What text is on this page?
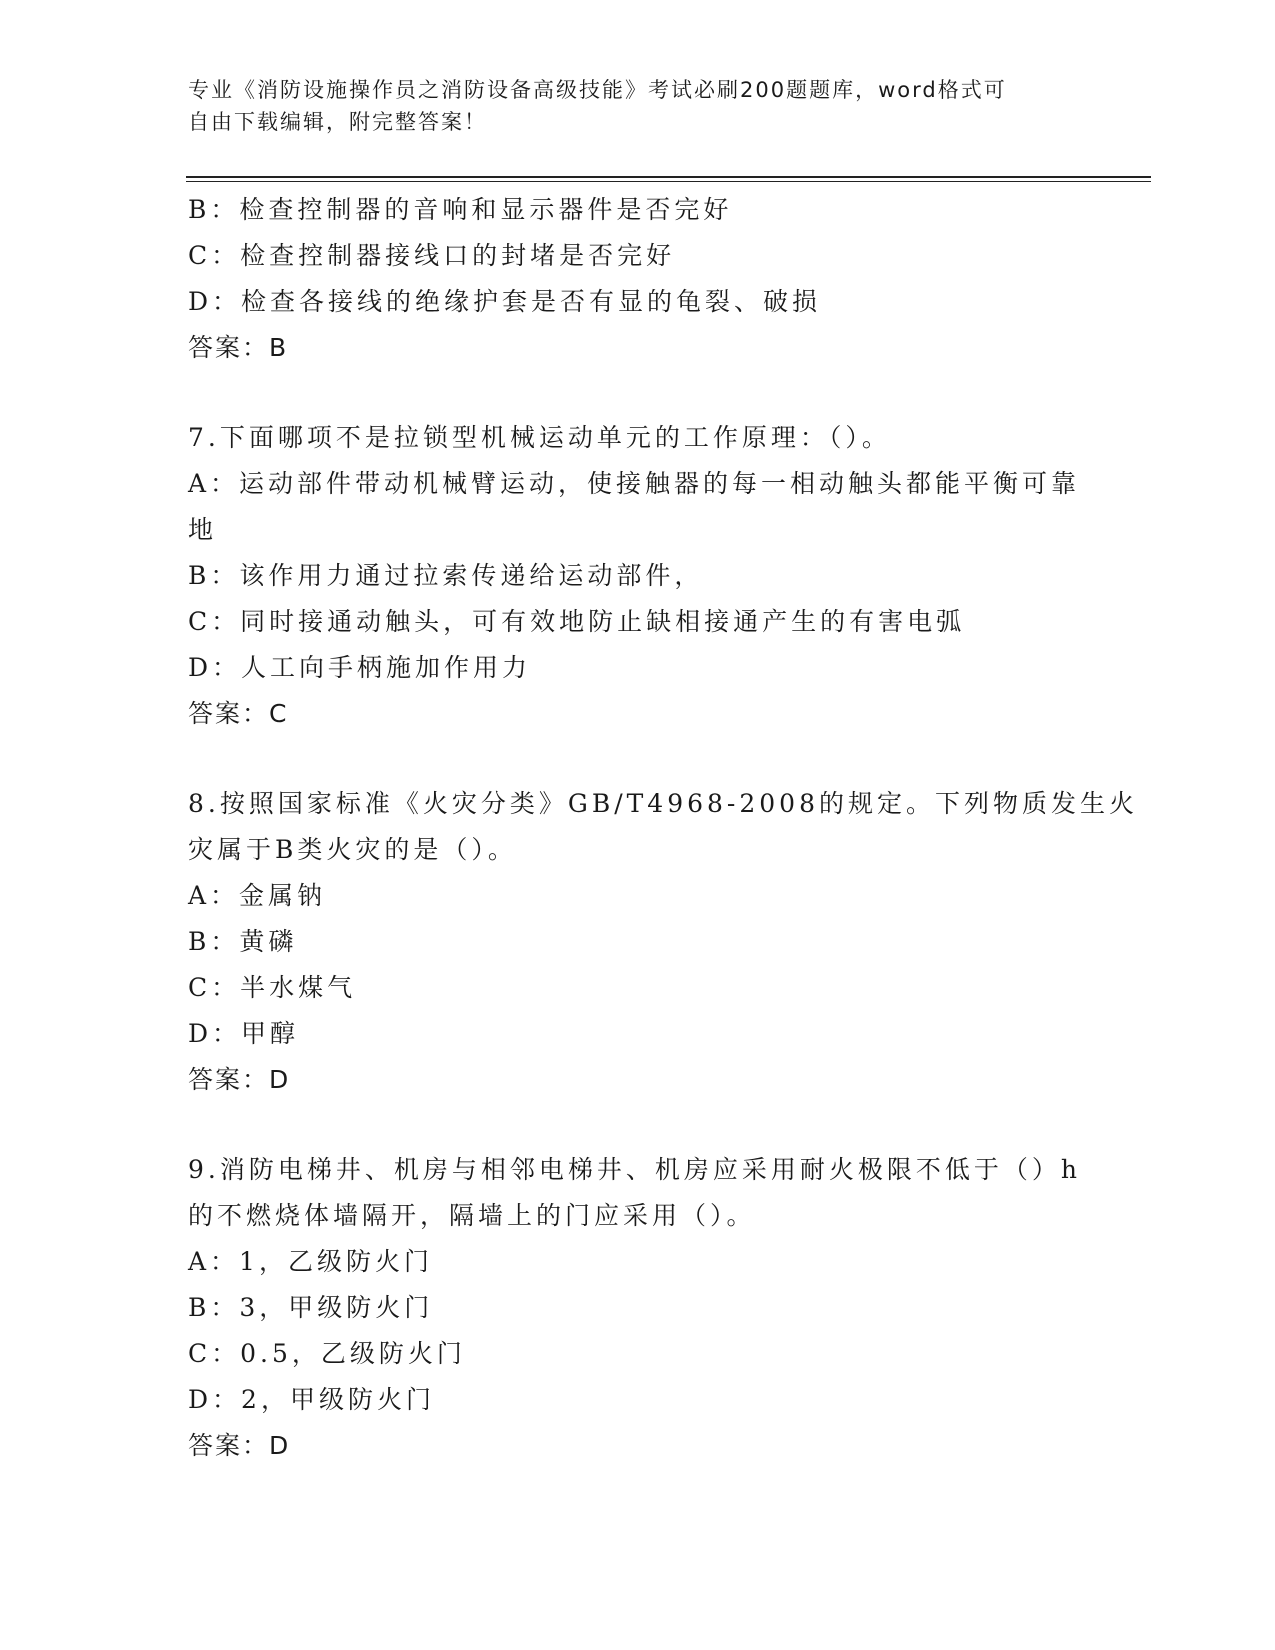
专业《消防设施操作员之消防设备高级技能》考试必刷200题题库，word格式可
自由下载编辑，附完整答案！
B：检查控制器的音响和显示器件是否完好
C：检查控制器接线口的封堵是否完好
D：检查各接线的绝缘护套是否有显的龟裂、破损
答案：B
7.下面哪项不是拉锁型机械运动单元的工作原理：（）。
A：运动部件带动机械臂运动，使接触器的每一相动触头都能平衡可靠
地
B：该作用力通过拉索传递给运动部件，
C：同时接通动触头，可有效地防止缺相接通产生的有害电弧
D：人工向手柄施加作用力
答案：C
8.按照国家标准《火灾分类》GB/T4968-2008的规定。下列物质发生火
灾属于B类火灾的是（）。
A：金属钠
B：黄磷
C：半水煤气
D：甲醇
答案：D
9.消防电梯井、机房与相邻电梯井、机房应采用耐火极限不低于（）h
的不燃烧体墙隔开，隔墙上的门应采用（）。
A：1，乙级防火门
B：3，甲级防火门
C：0.5，乙级防火门
D：2，甲级防火门
答案：D
